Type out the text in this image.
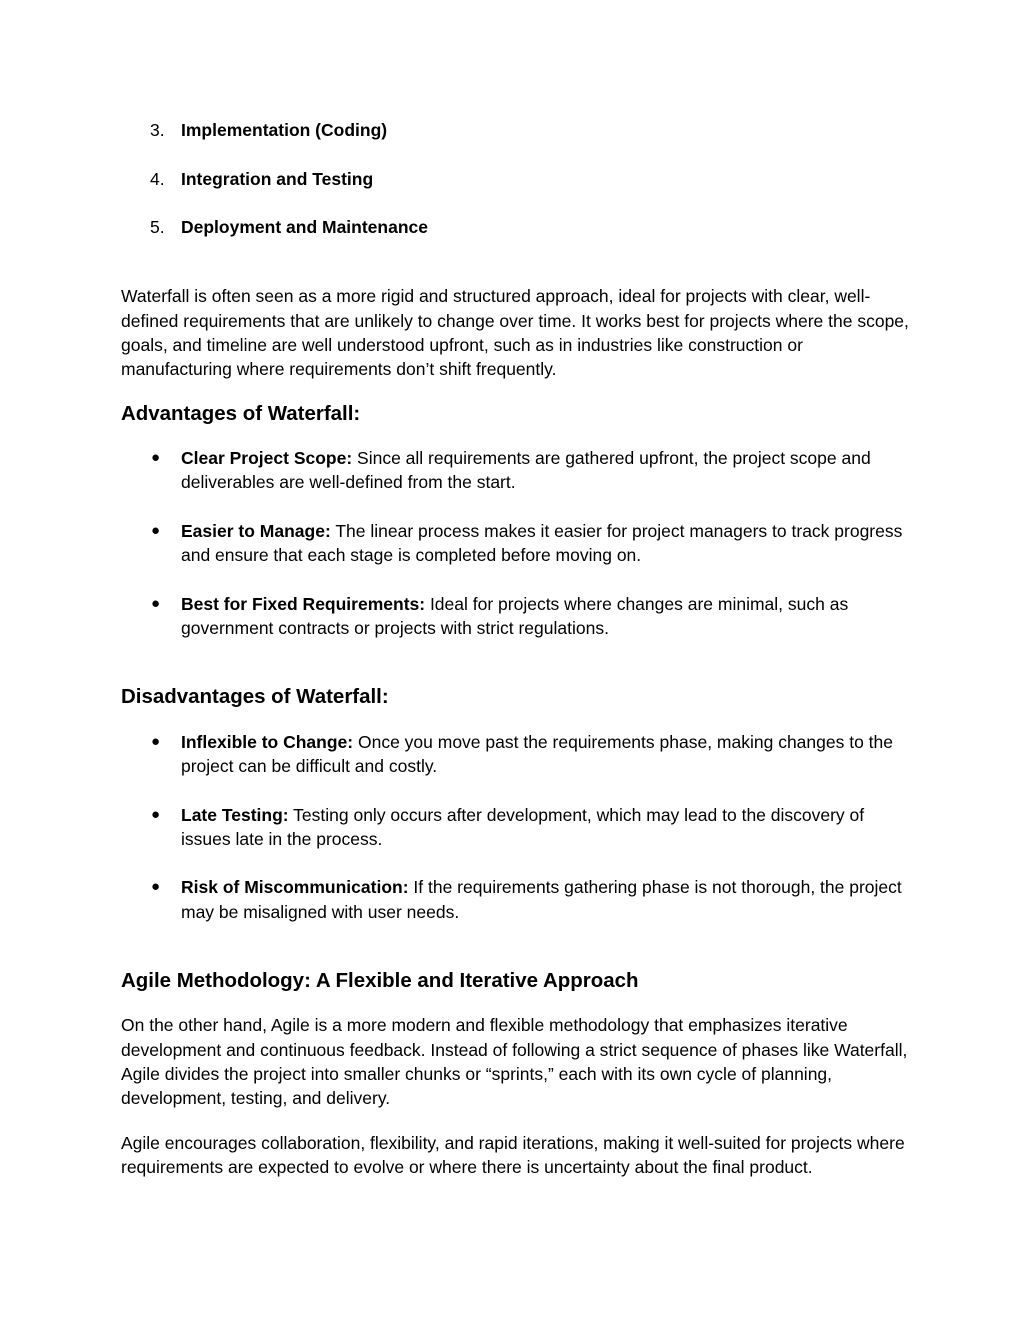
3. Implementation (Coding)
4. Integration and Testing
5. Deployment and Maintenance

Waterfall is often seen as a more rigid and structured approach, ideal for projects with clear, well-defined requirements that are unlikely to change over time. It works best for projects where the scope, goals, and timeline are well understood upfront, such as in industries like construction or manufacturing where requirements don’t shift frequently.

Advantages of Waterfall:
● Clear Project Scope: Since all requirements are gathered upfront, the project scope and deliverables are well-defined from the start.
● Easier to Manage: The linear process makes it easier for project managers to track progress and ensure that each stage is completed before moving on.
● Best for Fixed Requirements: Ideal for projects where changes are minimal, such as government contracts or projects with strict regulations.
Disadvantages of Waterfall:
● Inflexible to Change: Once you move past the requirements phase, making changes to the project can be difficult and costly.
● Late Testing: Testing only occurs after development, which may lead to the discovery of issues late in the process.
● Risk of Miscommunication: If the requirements gathering phase is not thorough, the project may be misaligned with user needs.
Agile Methodology: A Flexible and Iterative Approach

On the other hand, Agile is a more modern and flexible methodology that emphasizes iterative development and continuous feedback. Instead of following a strict sequence of phases like Waterfall, Agile divides the project into smaller chunks or “sprints,” each with its own cycle of planning, development, testing, and delivery.

Agile encourages collaboration, flexibility, and rapid iterations, making it well-suited for projects where requirements are expected to evolve or where there is uncertainty about the final product.
